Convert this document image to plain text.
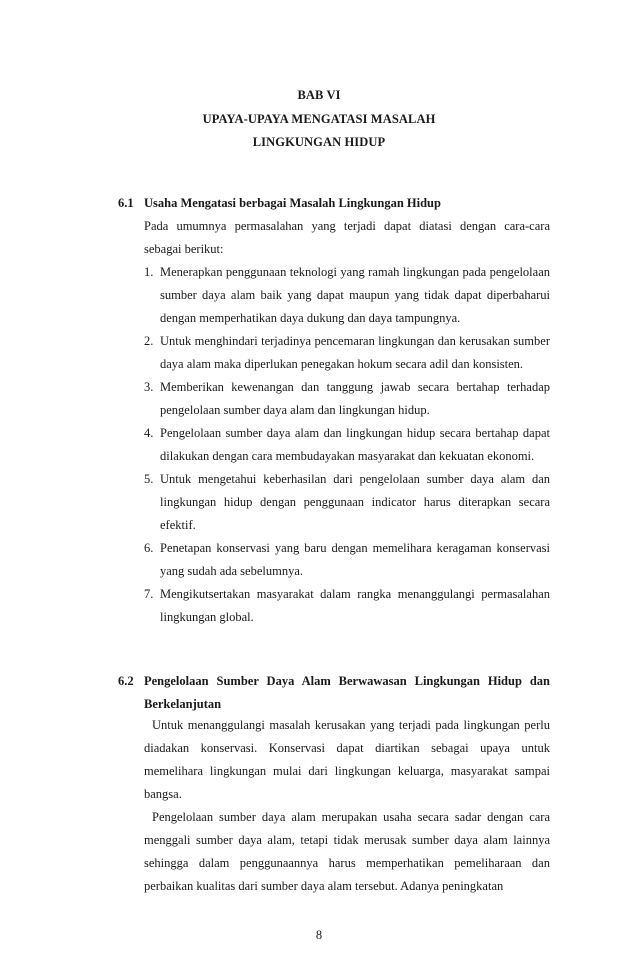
BAB VI
UPAYA-UPAYA MENGATASI MASALAH
LINGKUNGAN HIDUP
6.1 Usaha Mengatasi berbagai Masalah Lingkungan Hidup
Pada umumnya permasalahan yang terjadi dapat diatasi dengan cara-cara sebagai berikut:
1. Menerapkan penggunaan teknologi yang ramah lingkungan pada pengelolaan sumber daya alam baik yang dapat maupun yang tidak dapat diperbaharui dengan memperhatikan daya dukung dan daya tampungnya.
2. Untuk menghindari terjadinya pencemaran lingkungan dan kerusakan sumber daya alam maka diperlukan penegakan hokum secara adil dan konsisten.
3. Memberikan kewenangan dan tanggung jawab secara bertahap terhadap pengelolaan sumber daya alam dan lingkungan hidup.
4. Pengelolaan sumber daya alam dan lingkungan hidup secara bertahap dapat dilakukan dengan cara membudayakan masyarakat dan kekuatan ekonomi.
5. Untuk mengetahui keberhasilan dari pengelolaan sumber daya alam dan lingkungan hidup dengan penggunaan indicator harus diterapkan secara efektif.
6. Penetapan konservasi yang baru dengan memelihara keragaman konservasi yang sudah ada sebelumnya.
7. Mengikutsertakan masyarakat dalam rangka menanggulangi permasalahan lingkungan global.
6.2 Pengelolaan Sumber Daya Alam Berwawasan Lingkungan Hidup dan
Berkelanjutan
Untuk menanggulangi masalah kerusakan yang terjadi pada lingkungan perlu diadakan konservasi. Konservasi dapat diartikan sebagai upaya untuk memelihara lingkungan mulai dari lingkungan keluarga, masyarakat sampai bangsa.
Pengelolaan sumber daya alam merupakan usaha secara sadar dengan cara menggali sumber daya alam, tetapi tidak merusak sumber daya alam lainnya sehingga dalam penggunaannya harus memperhatikan pemeliharaan dan perbaikan kualitas dari sumber daya alam tersebut. Adanya peningkatan
8
